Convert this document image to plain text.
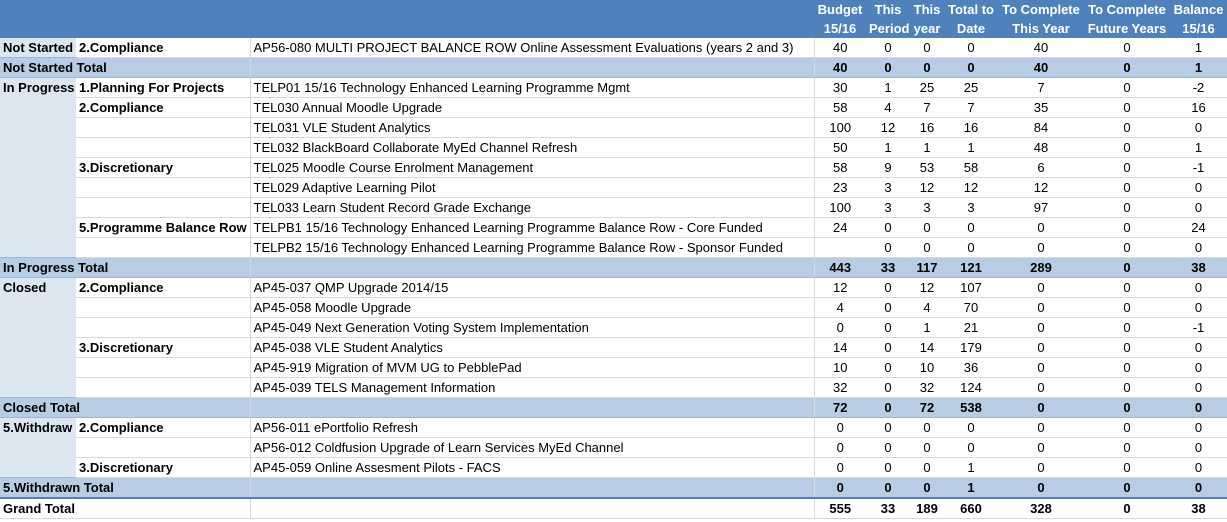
			Budget	This	This	Total to	To Complete	To Complete	Balance
			15/16	Period	year	Date	This Year	Future Years	15/16
Not Started	2.Compliance	AP56-080 MULTI PROJECT BALANCE ROW Online Assessment Evaluations (years 2 and 3)	40	0	0	0	40	0	1
Not Started Total			40	0	0	0	40	0	1
In Progress	1.Planning For Projects	TELP01 15/16 Technology Enhanced Learning Programme Mgmt	30	1	25	25	7	0	-2
	2.Compliance	TEL030 Annual Moodle Upgrade	58	4	7	7	35	0	16
		TEL031 VLE Student Analytics	100	12	16	16	84	0	0
		TEL032 BlackBoard Collaborate MyEd Channel Refresh	50	1	1	1	48	0	1
	3.Discretionary	TEL025 Moodle Course Enrolment Management	58	9	53	58	6	0	-1
		TEL029 Adaptive Learning Pilot	23	3	12	12	12	0	0
		TEL033 Learn Student Record Grade Exchange	100	3	3	3	97	0	0
	5.Programme Balance Row	TELPB1 15/16 Technology Enhanced Learning Programme Balance Row - Core Funded	24	0	0	0	0	0	24
		TELPB2 15/16 Technology Enhanced Learning Programme Balance Row - Sponsor Funded		0	0	0	0	0	0
In Progress Total			443	33	117	121	289	0	38
Closed	2.Compliance	AP45-037 QMP Upgrade 2014/15	12	0	12	107	0	0	0
		AP45-058 Moodle Upgrade	4	0	4	70	0	0	0
		AP45-049 Next Generation Voting System Implementation	0	0	1	21	0	0	-1
	3.Discretionary	AP45-038 VLE Student Analytics	14	0	14	179	0	0	0
		AP45-919 Migration of MVM UG to PebblePad	10	0	10	36	0	0	0
		AP45-039 TELS Management Information	32	0	32	124	0	0	0
Closed Total			72	0	72	538	0	0	0
5.Withdraw	2.Compliance	AP56-011 ePortfolio Refresh	0	0	0	0	0	0	0
		AP56-012 Coldfusion Upgrade of Learn Services MyEd Channel	0	0	0	0	0	0	0
	3.Discretionary	AP45-059 Online Assesment Pilots - FACS	0	0	0	1	0	0	0
5.Withdrawn Total			0	0	0	1	0	0	0
Grand Total			555	33	189	660	328	0	38
